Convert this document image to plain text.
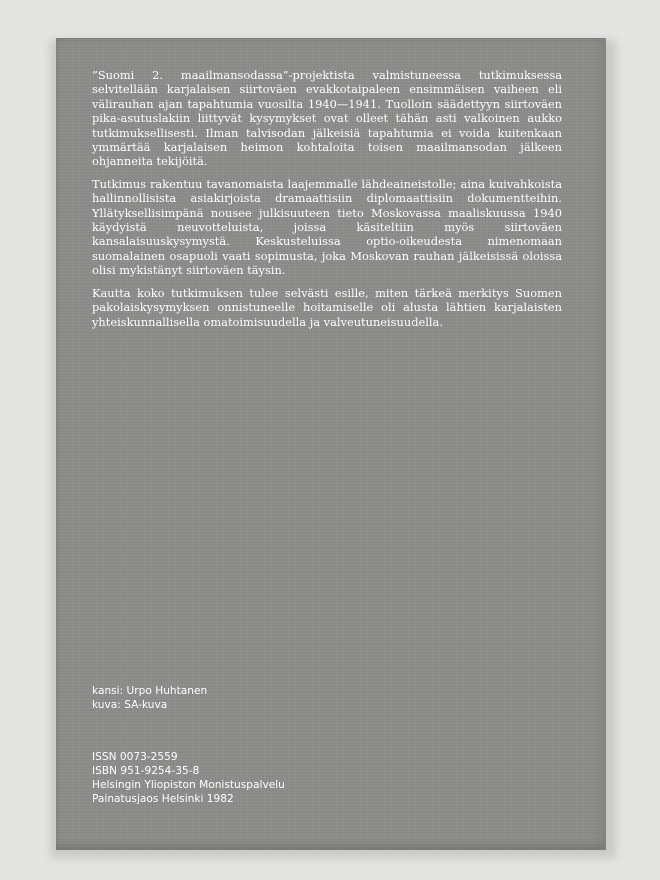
”Suomi 2. maailmansodassa”-projektista valmistuneessa tutkimuksessa selvitellään karjalaisen siirtoväen evakkotaipaleen ensimmäisen vaiheen eli välirauhan ajan tapahtumia vuosilta 1940—1941. Tuolloin säädettyyn siirtoväen pika-asutuslakiin liittyvät kysymykset ovat olleet tähän asti valkoinen aukko tutkimuksellisesti. Ilman talvisodan jälkeisiä tapahtumia ei voida kuitenkaan ymmärtää karjalaisen heimon kohtaloita toisen maailmansodan jälkeen ohjanneita tekijöitä.

Tutkimus rakentuu tavanomaista laajemmalle lähdeaineistolle; aina kuivahkoista hallinnollisista asiakirjoista dramaattisiin diplomaattisiin dokumentteihin. Yllätyksellisimpänä nousee julkisuuteen tieto Moskovassa maaliskuussa 1940 käydyistä neuvotteluista, joissa käsiteltiin myös siirtoväen kansalaisuuskysymystä. Keskusteluissa optio-oikeudesta nimenomaan suomalainen osapuoli vaati sopimusta, joka Moskovan rauhan jälkeisissä oloissa olisi mykistänyt siirtoväen täysin.

Kautta koko tutkimuksen tulee selvästi esille, miten tärkeä merkitys Suomen pakolaiskysymyksen onnistuneelle hoitamiselle oli alusta lähtien karjalaisten yhteiskunnallisella omatoimisuudella ja valveutuneisuudella.

kansi: Urpo Huhtanen
kuva: SA-kuva
ISSN 0073-2559
ISBN 951-9254-35-8
Helsingin Yliopiston Monistuspalvelu
Painatusjaos Helsinki 1982
